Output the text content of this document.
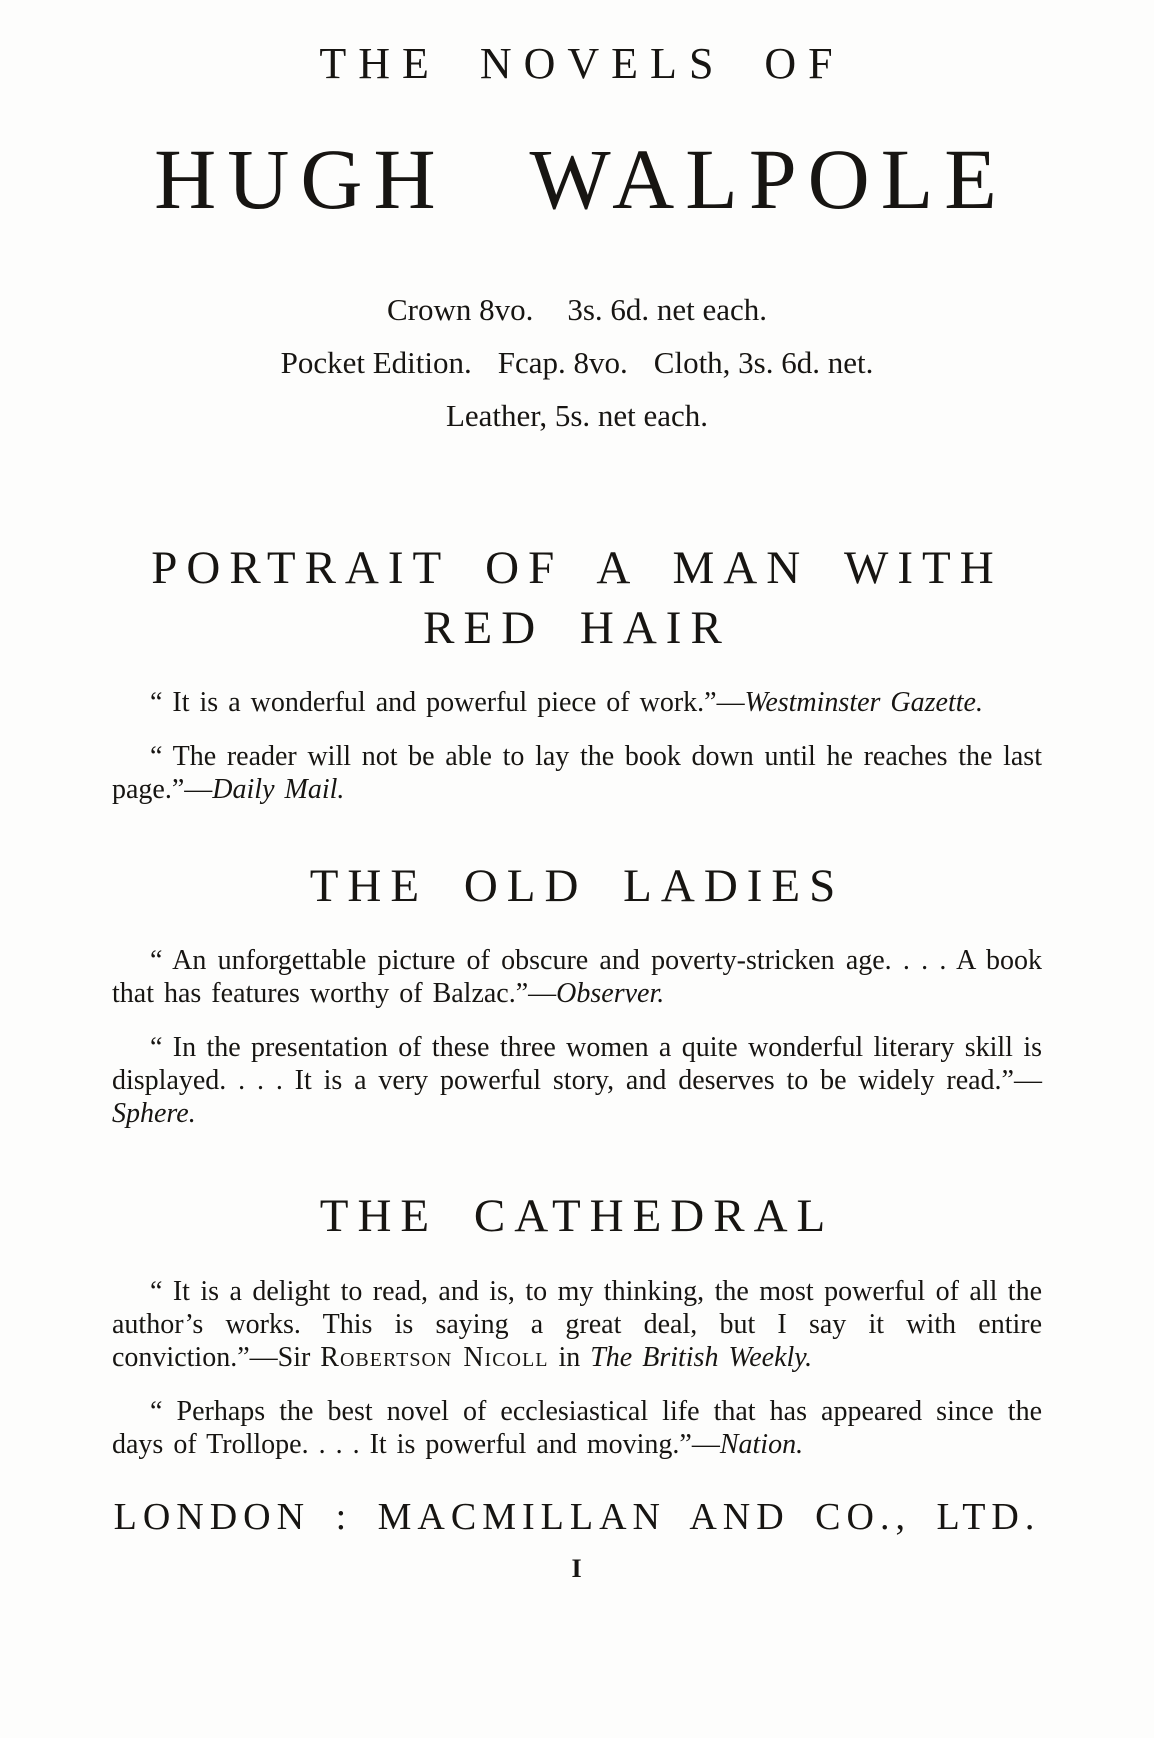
THE NOVELS OF
HUGH WALPOLE

Crown 8vo. 3s. 6d. net each.

Pocket Edition. Fcap. 8vo. Cloth, 3s. 6d. net.

Leather, 5s. net each.

PORTRAIT OF A MAN WITH
RED HAIR

“ It is a wonderful and powerful piece of work.”—Westminster Gazette.

“ The reader will not be able to lay the book down until he reaches the last page.”—Daily Mail.

THE OLD LADIES

“ An unforgettable picture of obscure and poverty-stricken age. . . . A book that has features worthy of Balzac.”—Observer.

“ In the presentation of these three women a quite wonderful literary skill is displayed. . . . It is a very powerful story, and deserves to be widely read.”—Sphere.

THE CATHEDRAL

“ It is a delight to read, and is, to my thinking, the most powerful of all the author’s works. This is saying a great deal, but I say it with entire conviction.”—Sir Robertson Nicoll in The British Weekly.

“ Perhaps the best novel of ecclesiastical life that has appeared since the days of Trollope. . . . It is powerful and moving.”—Nation.

LONDON : MACMILLAN AND CO., LTD.

I
